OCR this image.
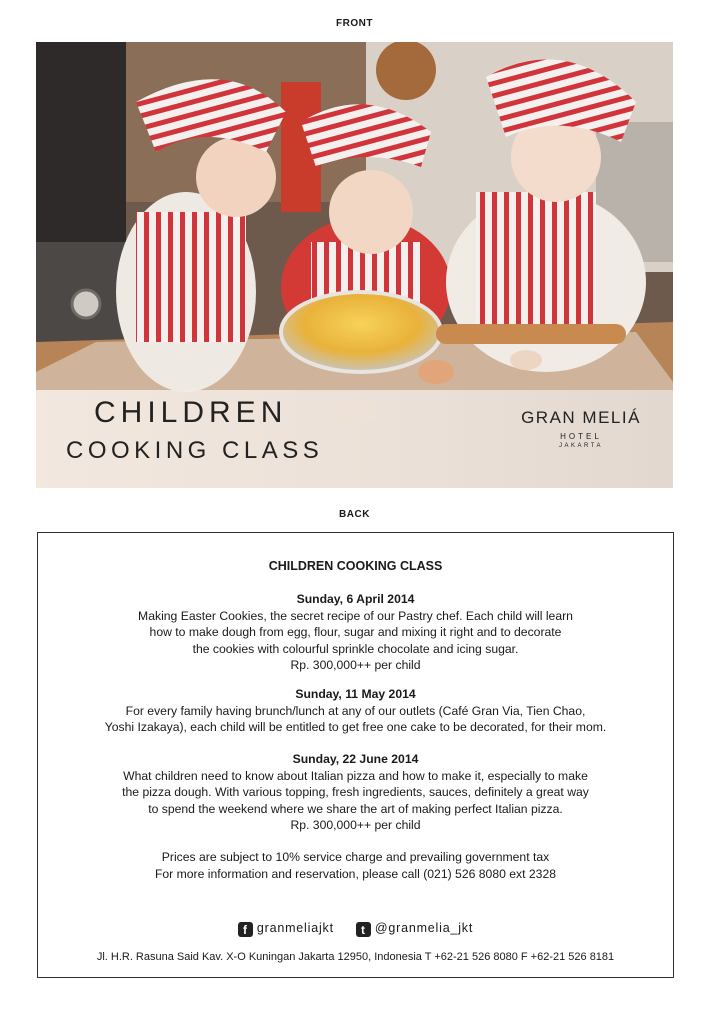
FRONT
CHILDREN
COOKING CLASS
GRAN MELIÁ
HOTEL
JAKARTA
BACK
CHILDREN COOKING CLASS
Sunday, 6 April 2014
Making Easter Cookies, the secret recipe of our Pastry chef. Each child will learn
how to make dough from egg, flour, sugar and mixing it right and to decorate
the cookies with colourful sprinkle chocolate and icing sugar.
Rp. 300,000++ per child
Sunday, 11 May 2014
For every family having brunch/lunch at any of our outlets (Café Gran Via, Tien Chao,
Yoshi Izakaya), each child will be entitled to get free one cake to be decorated, for their mom.
Sunday, 22 June 2014
What children need to know about Italian pizza and how to make it, especially to make
the pizza dough. With various topping, fresh ingredients, sauces, definitely a great way
to spend the weekend where we share the art of making perfect Italian pizza.
Rp. 300,000++ per child
Prices are subject to 10% service charge and prevailing government tax
For more information and reservation, please call (021) 526 8080 ext 2328
f granmeliajkt t @granmelia_jkt
Jl. H.R. Rasuna Said Kav. X-O Kuningan Jakarta 12950, Indonesia T +62-21 526 8080 F +62-21 526 8181
